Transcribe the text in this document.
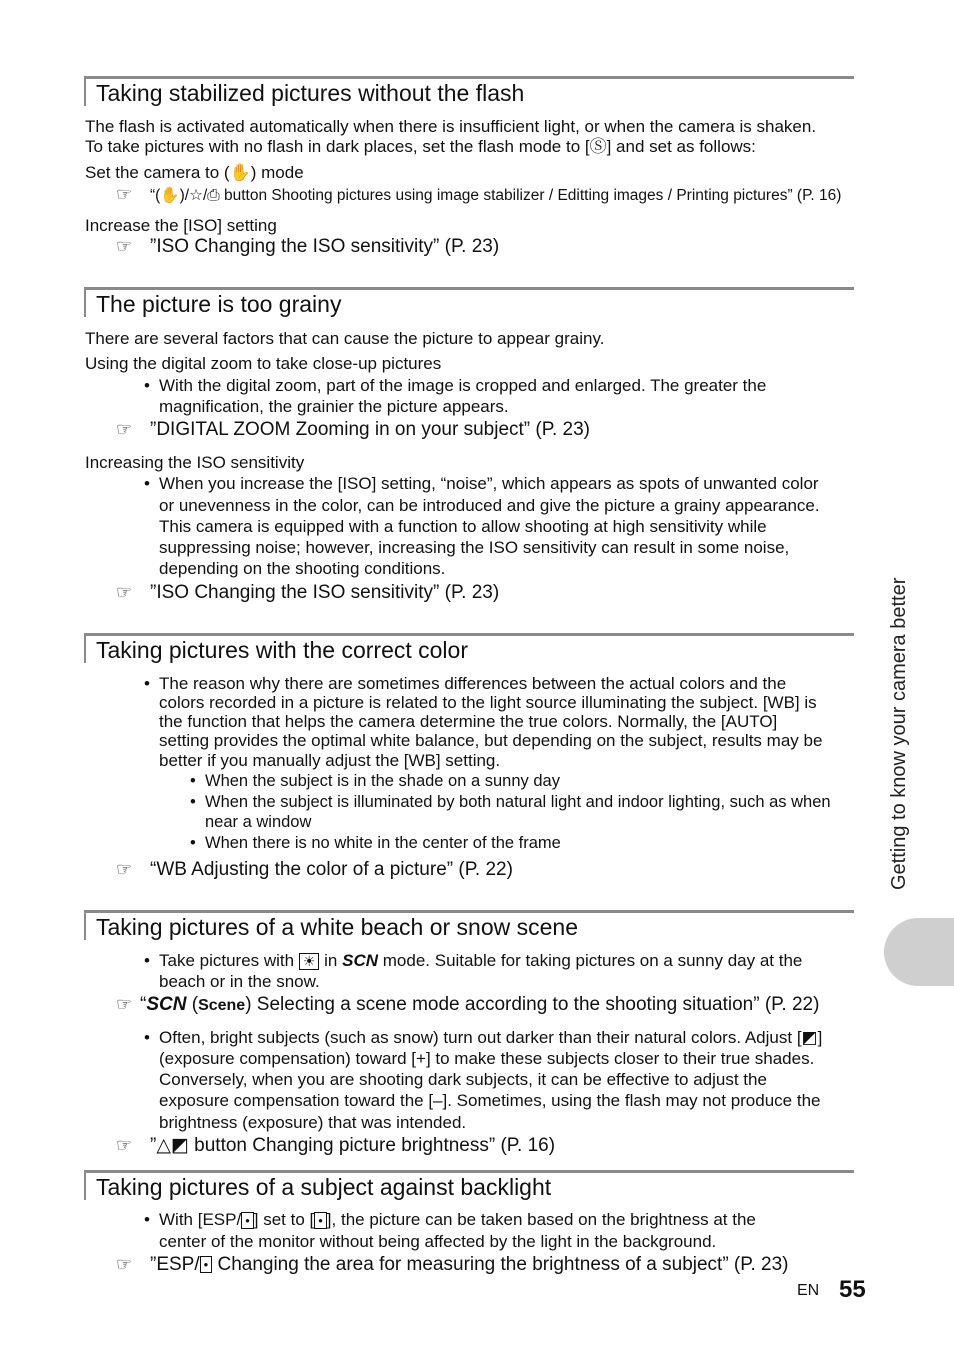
Taking stabilized pictures without the flash
The flash is activated automatically when there is insufficient light, or when the camera is shaken.
To take pictures with no flash in dark places, set the flash mode to [Ⓢ] and set as follows:
Set the camera to (✋) mode
☞ “(✋)/☆/⎙ button Shooting pictures using image stabilizer / Editting images / Printing pictures” (P. 16)
Increase the [ISO] setting
☞ ”ISO Changing the ISO sensitivity” (P. 23)
The picture is too grainy
There are several factors that can cause the picture to appear grainy.
Using the digital zoom to take close-up pictures
• With the digital zoom, part of the image is cropped and enlarged. The greater the
magnification, the grainier the picture appears.
☞ ”DIGITAL ZOOM Zooming in on your subject” (P. 23)
Increasing the ISO sensitivity
• When you increase the [ISO] setting, “noise”, which appears as spots of unwanted color
or unevenness in the color, can be introduced and give the picture a grainy appearance.
This camera is equipped with a function to allow shooting at high sensitivity while
suppressing noise; however, increasing the ISO sensitivity can result in some noise,
depending on the shooting conditions.
☞ ”ISO Changing the ISO sensitivity” (P. 23)
Taking pictures with the correct color
• The reason why there are sometimes differences between the actual colors and the
colors recorded in a picture is related to the light source illuminating the subject. [WB] is
the function that helps the camera determine the true colors. Normally, the [AUTO]
setting provides the optimal white balance, but depending on the subject, results may be
better if you manually adjust the [WB] setting.
• When the subject is in the shade on a sunny day
• When the subject is illuminated by both natural light and indoor lighting, such as when
near a window
• When there is no white in the center of the frame
☞ “WB Adjusting the color of a picture” (P. 22)
Taking pictures of a white beach or snow scene
• Take pictures with ☀ in SCN mode. Suitable for taking pictures on a sunny day at the
beach or in the snow.
☞ “SCN (Scene) Selecting a scene mode according to the shooting situation” (P. 22)
• Often, bright subjects (such as snow) turn out darker than their natural colors. Adjust [◩]
(exposure compensation) toward [+] to make these subjects closer to their true shades.
Conversely, when you are shooting dark subjects, it can be effective to adjust the
exposure compensation toward the [–]. Sometimes, using the flash may not produce the
brightness (exposure) that was intended.
☞ ”△◩ button Changing picture brightness” (P. 16)
Taking pictures of a subject against backlight
• With [ESP/ • ] set to [ • ], the picture can be taken based on the brightness at the
center of the monitor without being affected by the light in the background.
☞ ”ESP/ • Changing the area for measuring the brightness of a subject” (P. 23)
Getting to know your camera better
EN 55
